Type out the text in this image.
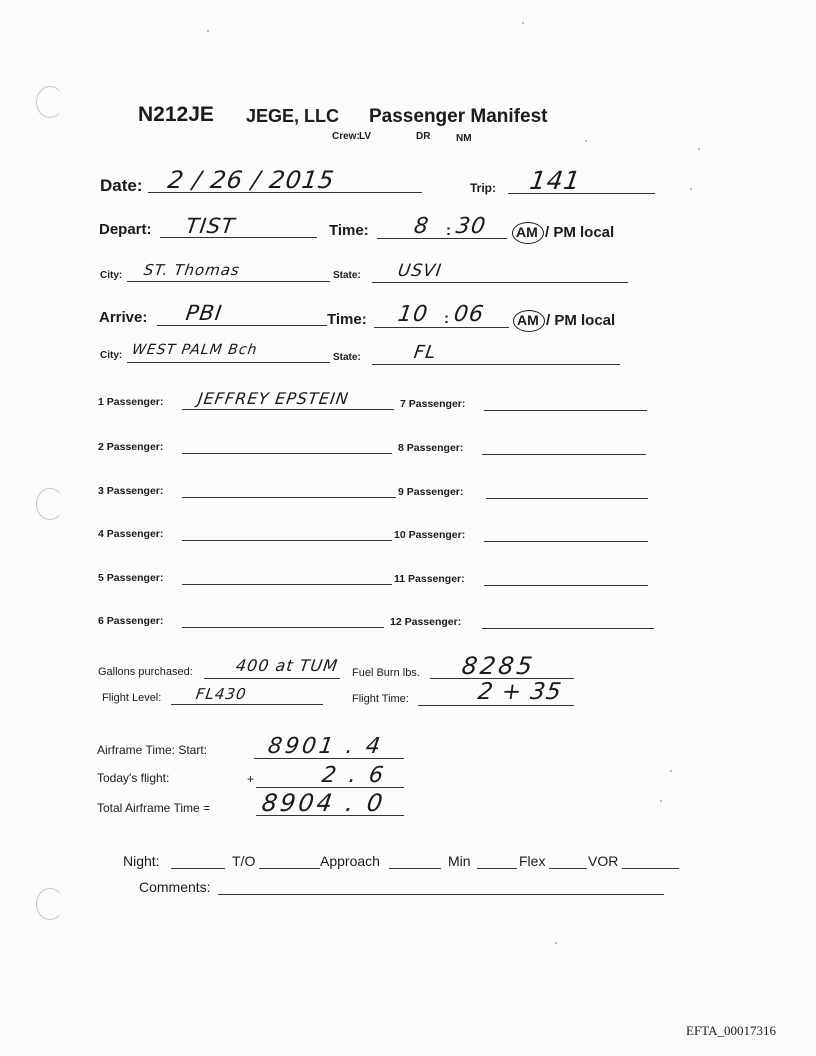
N212JE JEGE, LLC Passenger Manifest
Crew: LV	DR	NM
Date: 2 / 26 / 2015	Trip: 141
Depart: TIST	Time: 8 : 30 AM / PM local
City: ST. Thomas	State: USVI
Arrive: PBI	Time: 10 : 06 AM / PM local
City: WEST PALM Bch	State:	FL
1 Passenger: JEFFREY EPSTEIN
2 Passenger:
3 Passenger:
4 Passenger:
5 Passenger:
6 Passenger:
7 Passenger:
8 Passenger:
9 Passenger:
10 Passenger:
11 Passenger:
12 Passenger:
Gallons purchased:	400 at TUM Fuel Burn lbs. 8285
Flight Level: FL430	Flight Time:	2 + 35
Airframe Time: Start:	8901 . 4
Today's flight:	+	2 . 6
Total Airframe Time = 8904 . 0
Night:	T/O	Approach	Min	Flex	VOR
Comments:
EFTA_00017316
